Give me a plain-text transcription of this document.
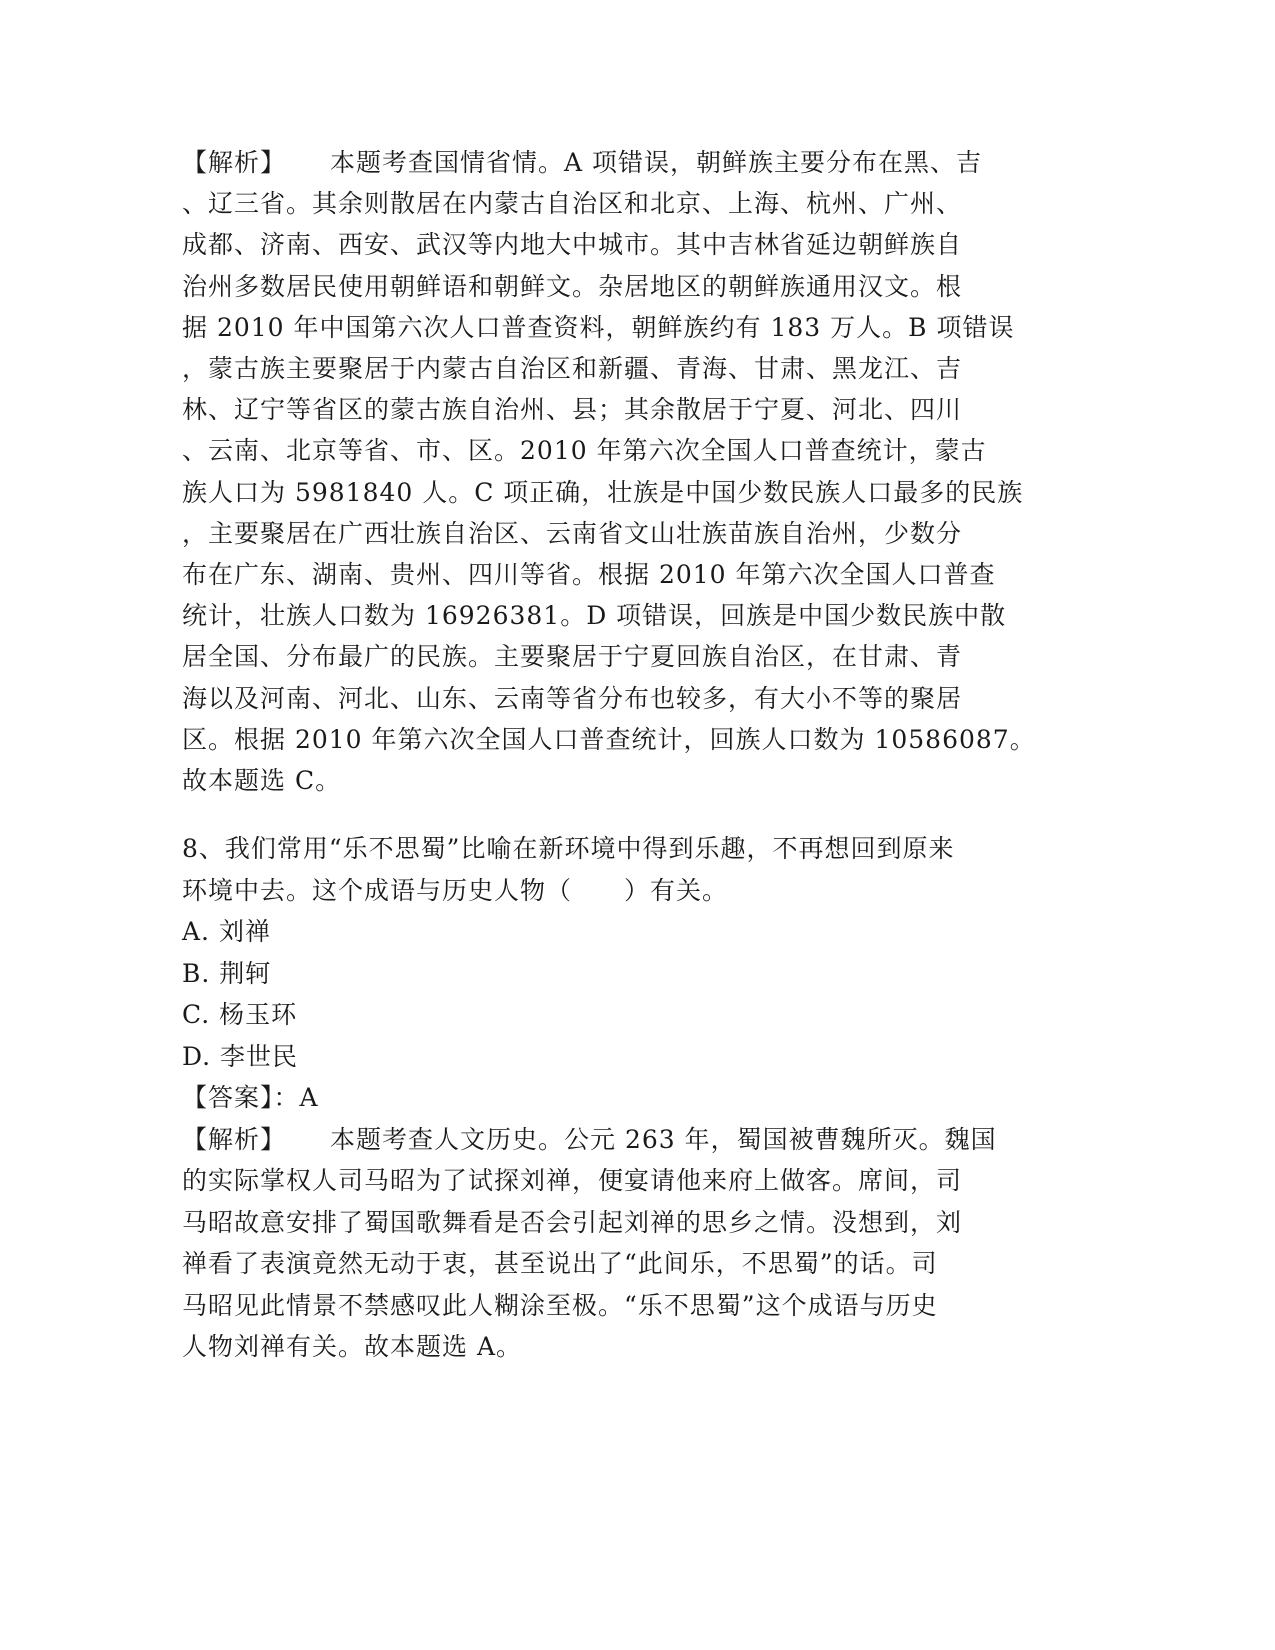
【解析】 本题考查国情省情。A 项错误，朝鲜族主要分布在黑、吉
、辽三省。其余则散居在内蒙古自治区和北京、上海、杭州、广州、
成都、济南、西安、武汉等内地大中城市。其中吉林省延边朝鲜族自
治州多数居民使用朝鲜语和朝鲜文。杂居地区的朝鲜族通用汉文。根
据 2010 年中国第六次人口普查资料，朝鲜族约有 183 万人。B 项错误
，蒙古族主要聚居于内蒙古自治区和新疆、青海、甘肃、黑龙江、吉
林、辽宁等省区的蒙古族自治州、县；其余散居于宁夏、河北、四川
、云南、北京等省、市、区。2010 年第六次全国人口普查统计，蒙古
族人口为 5981840 人。C 项正确，壮族是中国少数民族人口最多的民族
，主要聚居在广西壮族自治区、云南省文山壮族苗族自治州，少数分
布在广东、湖南、贵州、四川等省。根据 2010 年第六次全国人口普查
统计，壮族人口数为 16926381。D 项错误，回族是中国少数民族中散
居全国、分布最广的民族。主要聚居于宁夏回族自治区，在甘肃、青
海以及河南、河北、山东、云南等省分布也较多，有大小不等的聚居
区。根据 2010 年第六次全国人口普查统计，回族人口数为 10586087。
故本题选 C。
8、我们常用“乐不思蜀”比喻在新环境中得到乐趣，不再想回到原来
环境中去。这个成语与历史人物（　　）有关。
A. 刘禅
B. 荆轲
C. 杨玉环
D. 李世民
【答案】：A
【解析】 本题考查人文历史。公元 263 年，蜀国被曹魏所灭。魏国
的实际掌权人司马昭为了试探刘禅，便宴请他来府上做客。席间，司
马昭故意安排了蜀国歌舞看是否会引起刘禅的思乡之情。没想到，刘
禅看了表演竟然无动于衷，甚至说出了“此间乐，不思蜀”的话。司
马昭见此情景不禁感叹此人糊涂至极。“乐不思蜀”这个成语与历史
人物刘禅有关。故本题选 A。
